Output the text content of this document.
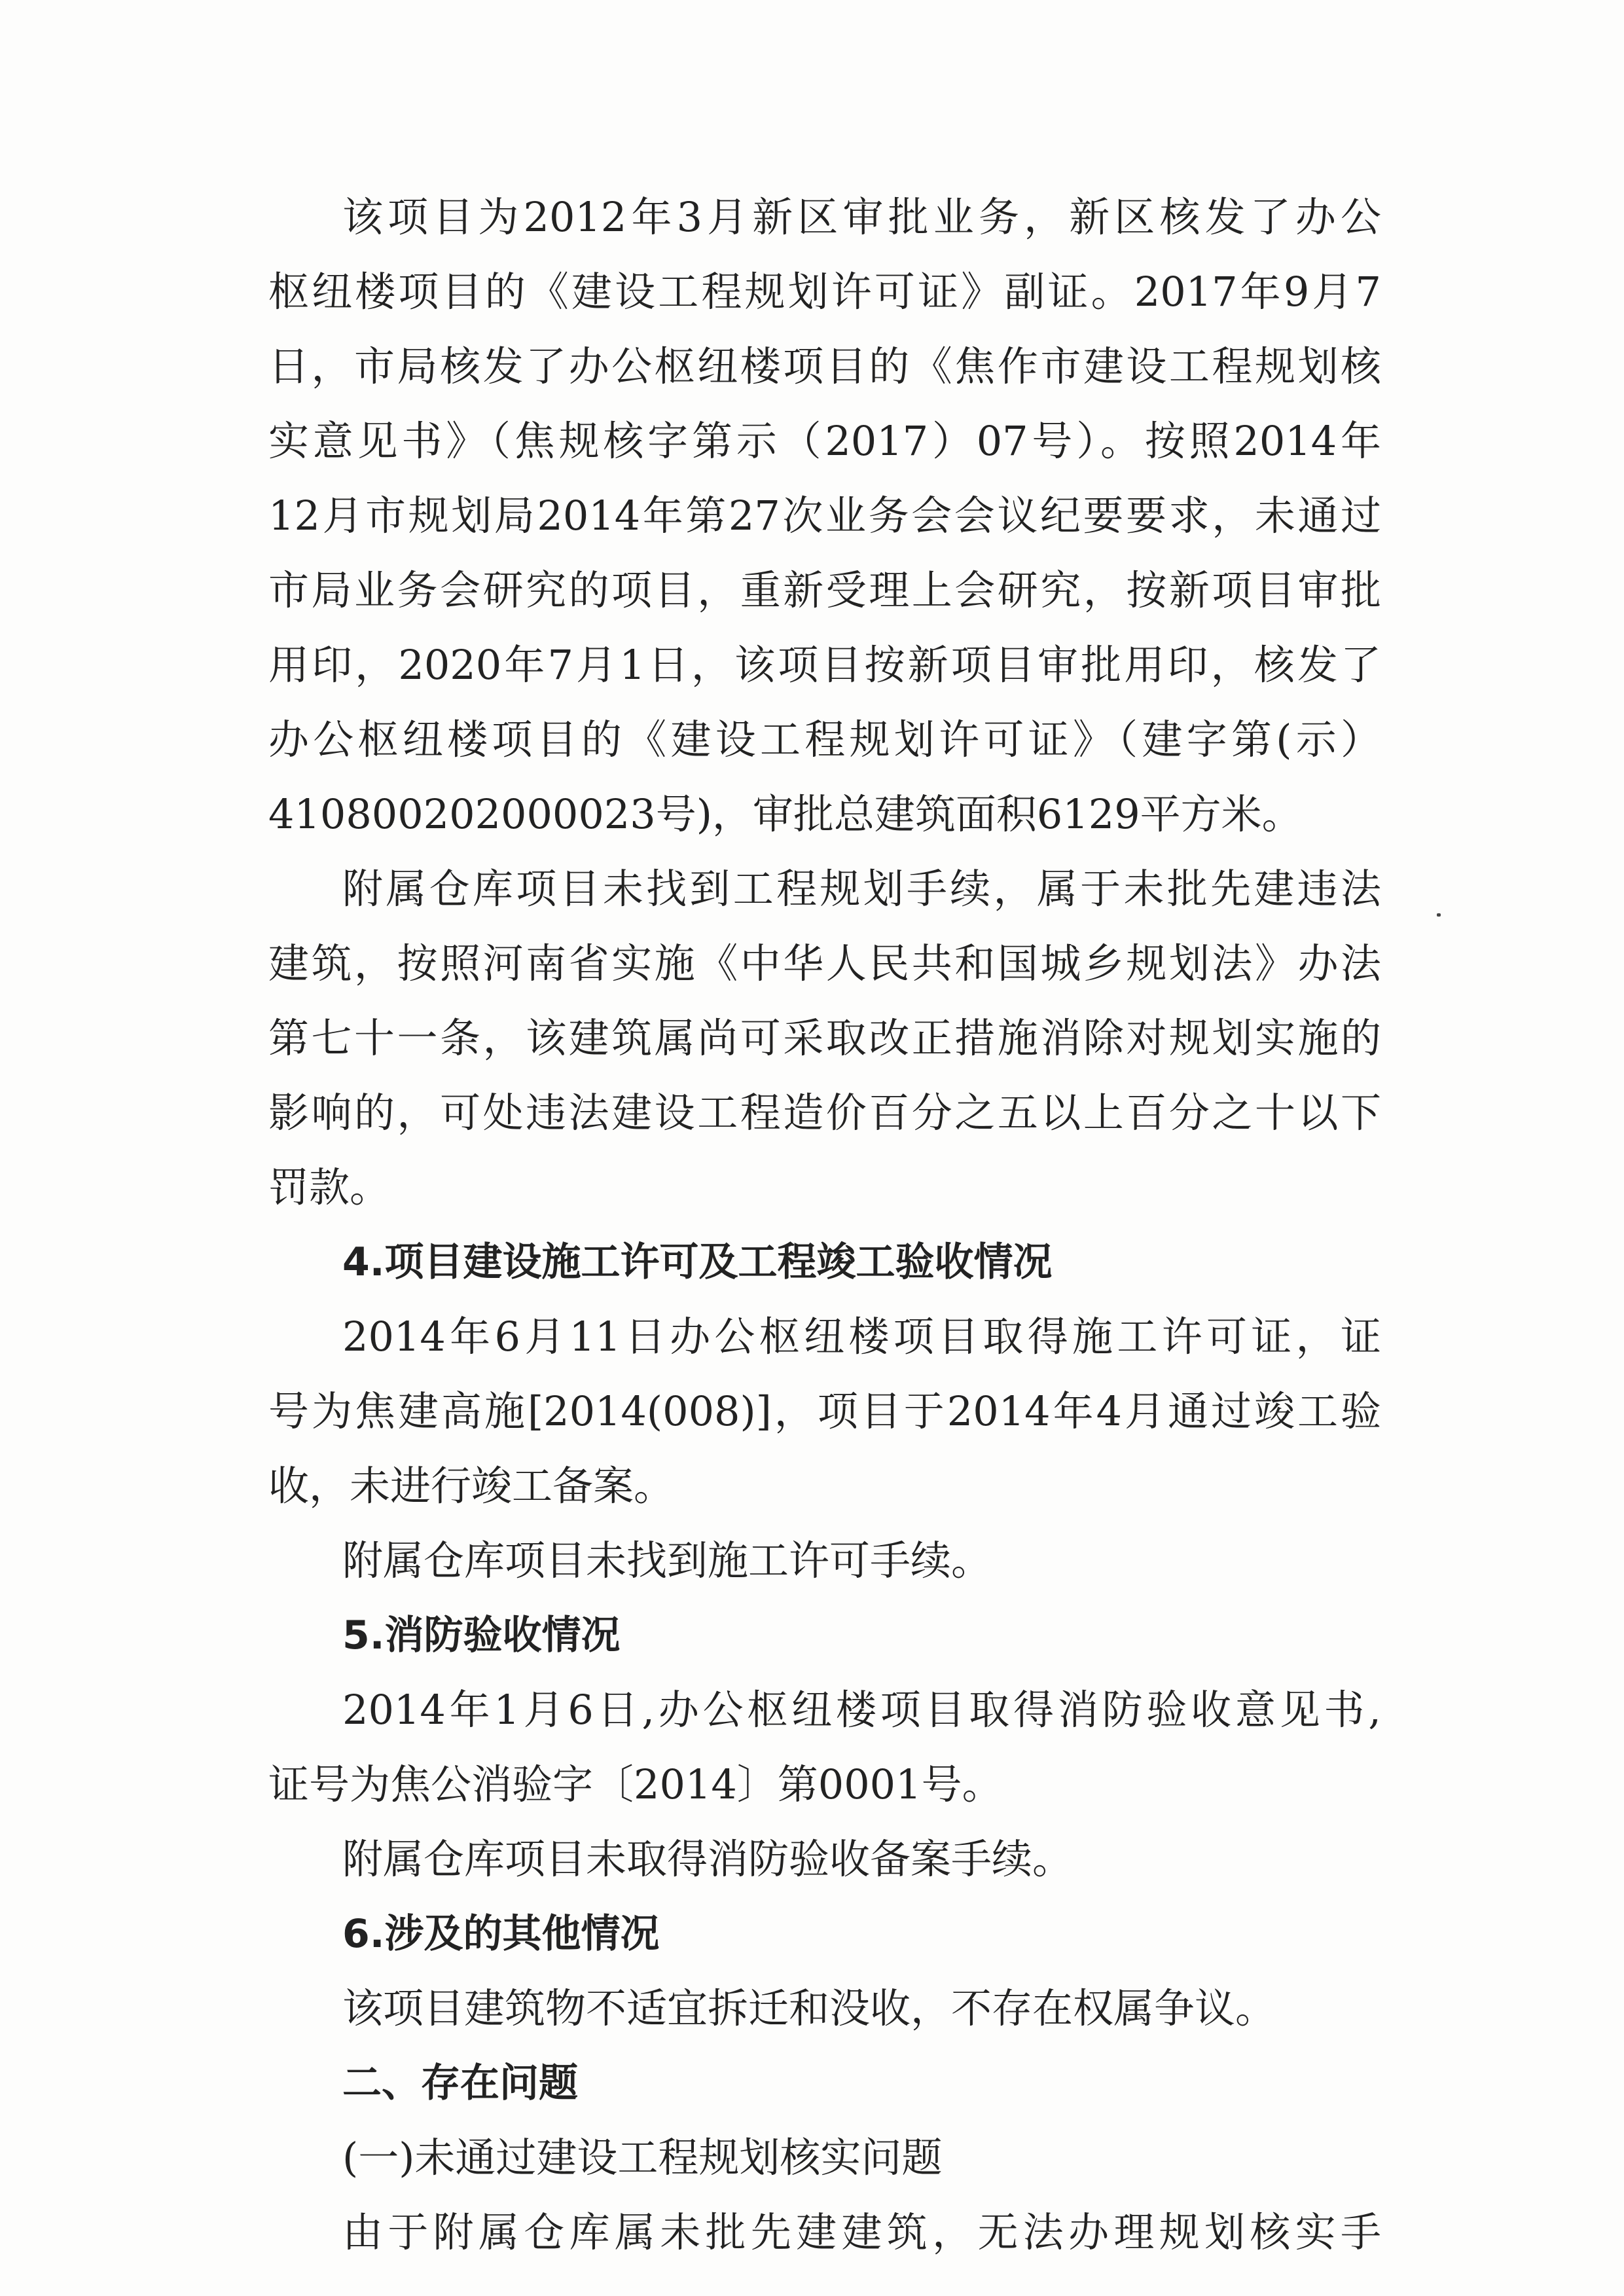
该项目为2012年3月新区审批业务，新区核发了办公
枢纽楼项目的《建设工程规划许可证》副证。2017年9月7
日，市局核发了办公枢纽楼项目的《焦作市建设工程规划核
实意见书》（焦规核字第示（2017）07号）。按照2014年
12月市规划局2014年第27次业务会会议纪要要求，未通过
市局业务会研究的项目，重新受理上会研究，按新项目审批
用印，2020年7月1日，该项目按新项目审批用印，核发了
办公枢纽楼项目的《建设工程规划许可证》（建字第(示）
410800202000023号)，审批总建筑面积6129平方米。
附属仓库项目未找到工程规划手续，属于未批先建违法
建筑，按照河南省实施《中华人民共和国城乡规划法》办法
第七十一条，该建筑属尚可采取改正措施消除对规划实施的
影响的，可处违法建设工程造价百分之五以上百分之十以下
罚款。
4.项目建设施工许可及工程竣工验收情况
2014年6月11日办公枢纽楼项目取得施工许可证，证
号为焦建高施[2014(008)]，项目于2014年4月通过竣工验
收，未进行竣工备案。
附属仓库项目未找到施工许可手续。
5.消防验收情况
2014年1月6日,办公枢纽楼项目取得消防验收意见书,
证号为焦公消验字〔2014〕第0001号。
附属仓库项目未取得消防验收备案手续。
6.涉及的其他情况
该项目建筑物不适宜拆迁和没收，不存在权属争议。
二、存在问题
(一)未通过建设工程规划核实问题
由于附属仓库属未批先建建筑，无法办理规划核实手
